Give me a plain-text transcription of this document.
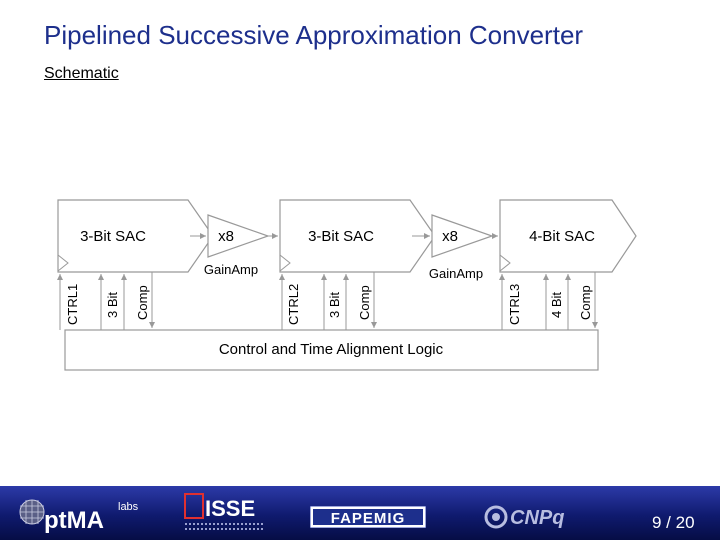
Pipelined Successive Approximation Converter
Schematic
Control and Time Alignment Logic
3-Bit SAC	x8
GainAmp
3-Bit SAC	x8
GainAmp
4-Bit SAC
CTRL1 3 Bit Comp	CTRL2 3 Bit Comp	CTRL3 4 Bit Comp
ptMA labs	ISSE	FAPEMIG	CNPq	9 / 20
